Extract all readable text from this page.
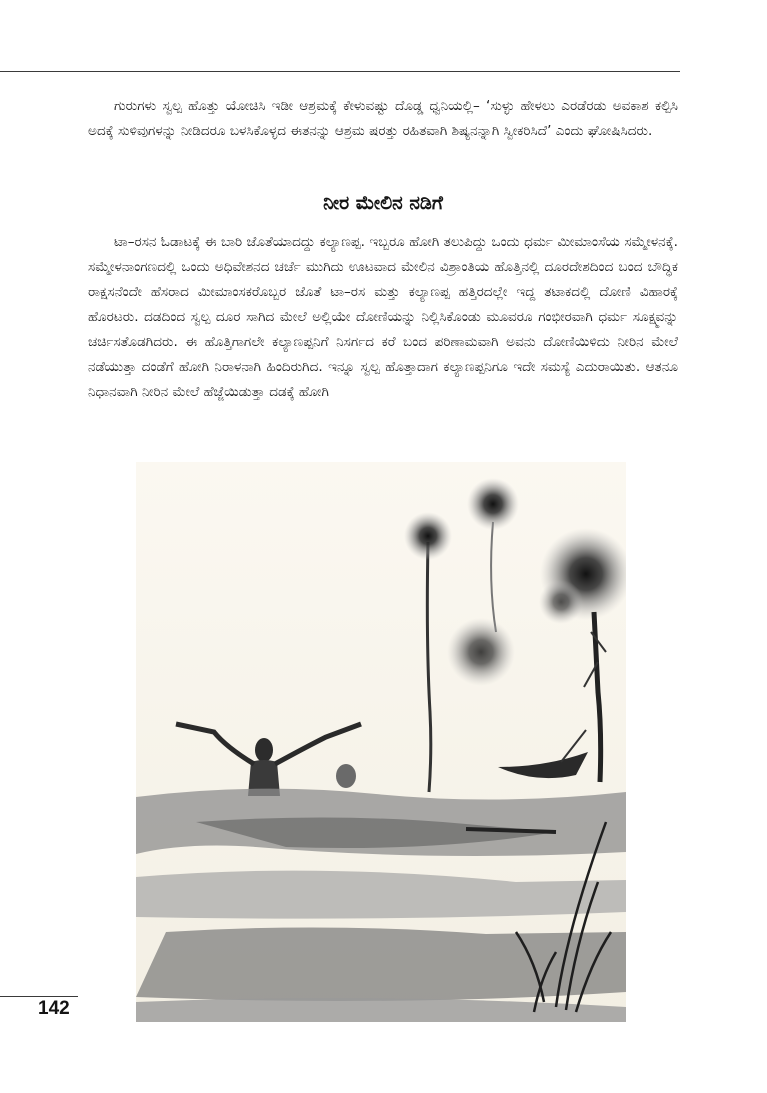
ಗುರುಗಳು ಸ್ವಲ್ಪ ಹೊತ್ತು ಯೋಚಿಸಿ ಇಡೀ ಆಶ್ರಮಕ್ಕೆ ಕೇಳುವಷ್ಟು ದೊಡ್ಡ ಧ್ವನಿಯಲ್ಲಿ– ‘ಸುಳ್ಳು ಹೇಳಲು ಎರಡೆರಡು ಅವಕಾಶ ಕಲ್ಪಿಸಿ ಅದಕ್ಕೆ ಸುಳಿವುಗಳನ್ನು ನೀಡಿದರೂ ಬಳಸಿಕೊಳ್ಳದ ಈತನನ್ನು ಆಶ್ರಮ ಷರತ್ತು ರಹಿತವಾಗಿ ಶಿಷ್ಯನನ್ನಾಗಿ ಸ್ವೀಕರಿಸಿದೆ’ ಎಂದು ಘೋಷಿಸಿದರು.

ನೀರ ಮೇಲಿನ ನಡಿಗೆ

ಟಾ–ರಸನ ಓಡಾಟಕ್ಕೆ ಈ ಬಾರಿ ಜೊತೆಯಾದದ್ದು ಕಲ್ಯಾಣಪ್ಪ. ಇಬ್ಬರೂ ಹೋಗಿ ತಲುಪಿದ್ದು ಒಂದು ಧರ್ಮ ಮೀಮಾಂಸೆಯ ಸಮ್ಮೇಳನಕ್ಕೆ. ಸಮ್ಮೇಳನಾಂಗಣದಲ್ಲಿ ಒಂದು ಅಧಿವೇಶನದ ಚರ್ಚೆ ಮುಗಿದು ಊಟವಾದ ಮೇಲಿನ ವಿಶ್ರಾಂತಿಯ ಹೊತ್ತಿನಲ್ಲಿ ದೂರದೇಶದಿಂದ ಬಂದ ಬೌದ್ಧಿಕ ರಾಕ್ಷಸನೆಂದೇ ಹೆಸರಾದ ಮೀಮಾಂಸಕರೊಬ್ಬರ ಜೊತೆ ಟಾ–ರಸ ಮತ್ತು ಕಲ್ಯಾಣಪ್ಪ ಹತ್ತಿರದಲ್ಲೇ ಇದ್ದ ತಟಾಕದಲ್ಲಿ ದೋಣಿ ವಿಹಾರಕ್ಕೆ ಹೊರಟರು. ದಡದಿಂದ ಸ್ವಲ್ಪ ದೂರ ಸಾಗಿದ ಮೇಲೆ ಅಲ್ಲಿಯೇ ದೋಣಿಯನ್ನು ನಿಲ್ಲಿಸಿಕೊಂಡು ಮೂವರೂ ಗಂಭೀರವಾಗಿ ಧರ್ಮ ಸೂಕ್ಷ್ಮವನ್ನು ಚರ್ಚಿಸತೊಡಗಿದರು. ಈ ಹೊತ್ತಿಗಾಗಲೇ ಕಲ್ಯಾಣಪ್ಪನಿಗೆ ನಿಸರ್ಗದ ಕರೆ ಬಂದ ಪರಿಣಾಮವಾಗಿ ಅವನು ದೋಣಿಯಿಳಿದು ನೀರಿನ ಮೇಲೆ ನಡೆಯುತ್ತಾ ದಂಡೆಗೆ ಹೋಗಿ ನಿರಾಳನಾಗಿ ಹಿಂದಿರುಗಿದ. ಇನ್ನೂ ಸ್ವಲ್ಪ ಹೊತ್ತಾದಾಗ ಕಲ್ಯಾಣಪ್ಪನಿಗೂ ಇದೇ ಸಮಸ್ಯೆ ಎದುರಾಯಿತು. ಆತನೂ ನಿಧಾನವಾಗಿ ನೀರಿನ ಮೇಲೆ ಹೆಜ್ಜೆಯಿಡುತ್ತಾ ದಡಕ್ಕೆ ಹೋಗಿ

142
